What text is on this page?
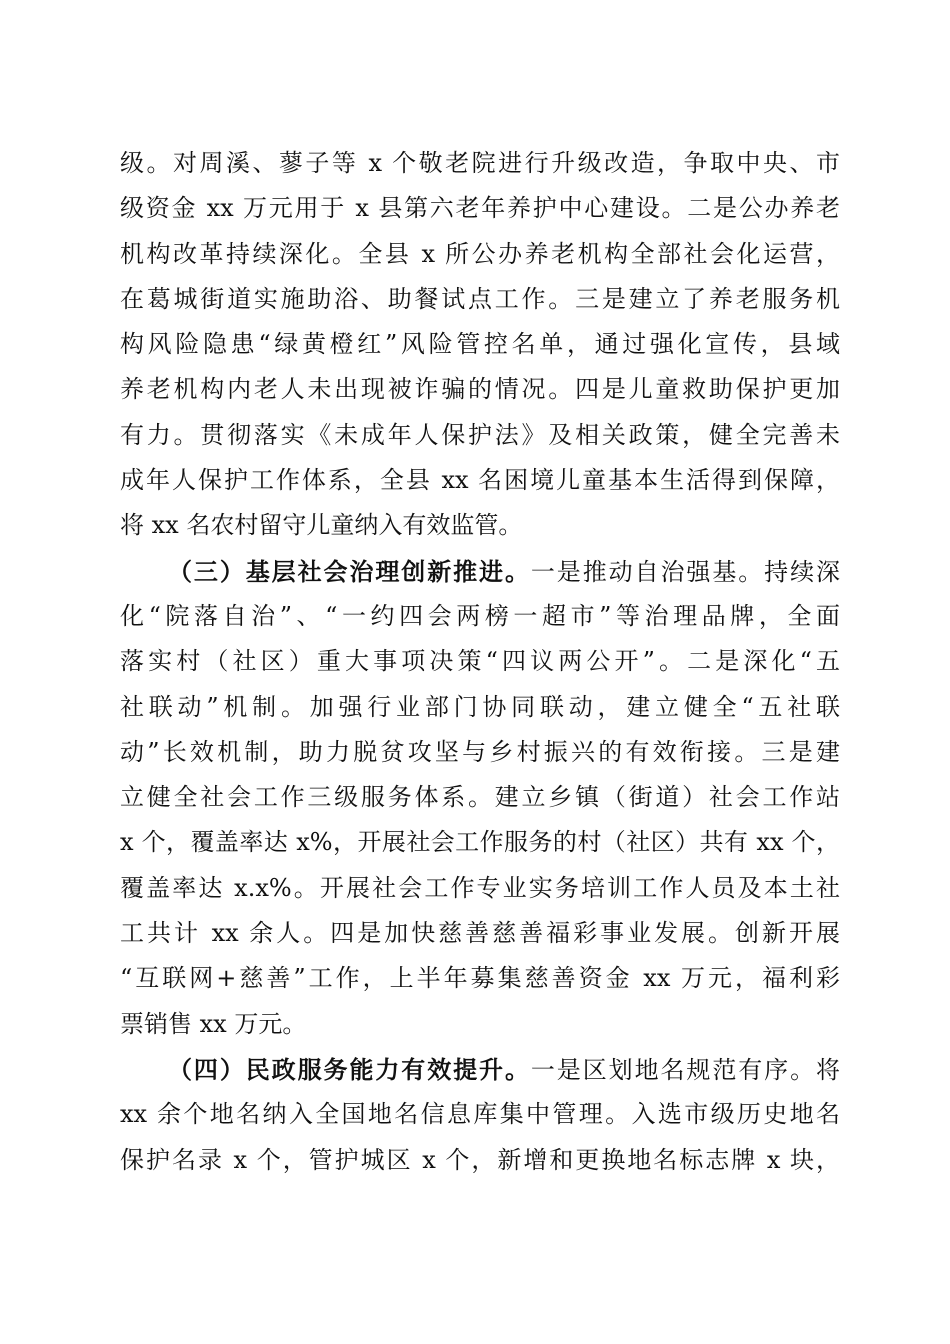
级。对周溪、蓼子等 x 个敬老院进行升级改造，争取中央、市
级资金 xx 万元用于 x 县第六老年养护中心建设。二是公办养老
机构改革持续深化。全县 x 所公办养老机构全部社会化运营，
在葛城街道实施助浴、助餐试点工作。三是建立了养老服务机
构风险隐患“绿黄橙红”风险管控名单，通过强化宣传，县域
养老机构内老人未出现被诈骗的情况。四是儿童救助保护更加
有力。贯彻落实《未成年人保护法》及相关政策，健全完善未
成年人保护工作体系，全县 xx 名困境儿童基本生活得到保障，
将 xx 名农村留守儿童纳入有效监管。
（三）基层社会治理创新推进。一是推动自治强基。持续深
化“院落自治”、“一约四会两榜一超市”等治理品牌，全面
落实村（社区）重大事项决策“四议两公开”。二是深化“五
社联动”机制。加强行业部门协同联动，建立健全“五社联
动”长效机制，助力脱贫攻坚与乡村振兴的有效衔接。三是建
立健全社会工作三级服务体系。建立乡镇（街道）社会工作站
x 个，覆盖率达 x%，开展社会工作服务的村（社区）共有 xx 个，
覆盖率达 x.x%。开展社会工作专业实务培训工作人员及本土社
工共计 xx 余人。四是加快慈善慈善福彩事业发展。创新开展
“互联网+慈善”工作，上半年募集慈善资金 xx 万元，福利彩
票销售 xx 万元。
（四）民政服务能力有效提升。一是区划地名规范有序。将
xx 余个地名纳入全国地名信息库集中管理。入选市级历史地名
保护名录 x 个，管护城区 x 个，新增和更换地名标志牌 x 块，
